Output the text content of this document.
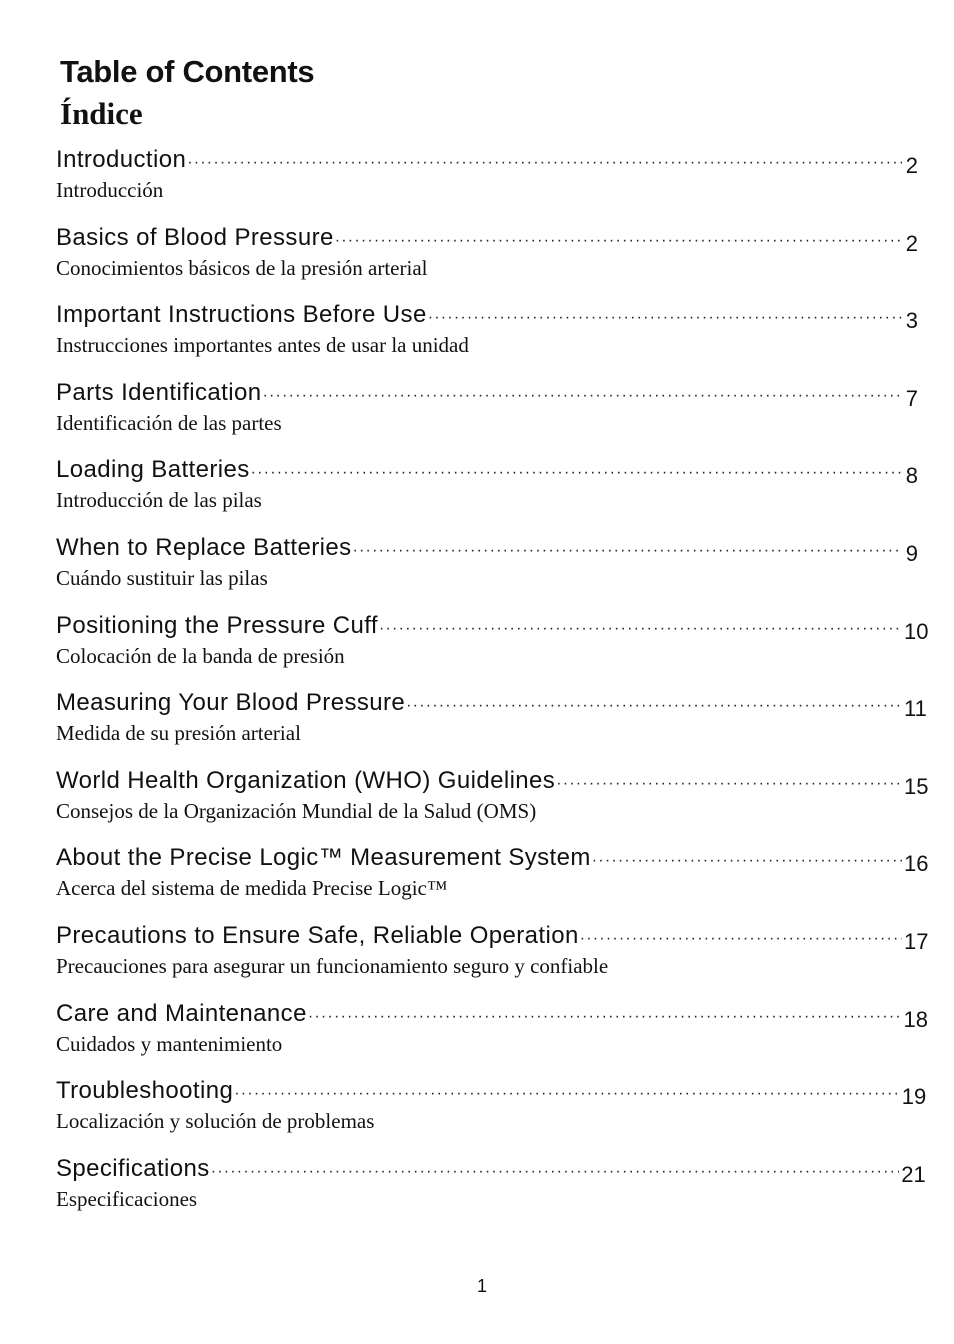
Table of Contents
Índice
Introduction ·····	2
Introducción
Basics of Blood Pressure ·····	2
Conocimientos básicos de la presión arterial
Important Instructions Before Use ·····	3
Instrucciones importantes antes de usar la unidad
Parts Identification ·····	7
Identificación de las partes
Loading Batteries ·····	8
Introducción de las pilas
When to Replace Batteries ·····	9
Cuándo sustituir las pilas
Positioning the Pressure Cuff ·····	10
Colocación de la banda de presión
Measuring Your Blood Pressure ·····	11
Medida de su presión arterial
World Health Organization (WHO) Guidelines ·····	15
Consejos de la Organización Mundial de la Salud (OMS)
About the Precise Logic™ Measurement System ·····	16
Acerca del sistema de medida Precise Logic™
Precautions to Ensure Safe, Reliable Operation ·····	17
Precauciones para asegurar un funcionamiento seguro y confiable
Care and Maintenance ·····	18
Cuidados y mantenimiento
Troubleshooting ·····	19
Localización y solución de problemas
Specifications ·····	21
Especificaciones
1
